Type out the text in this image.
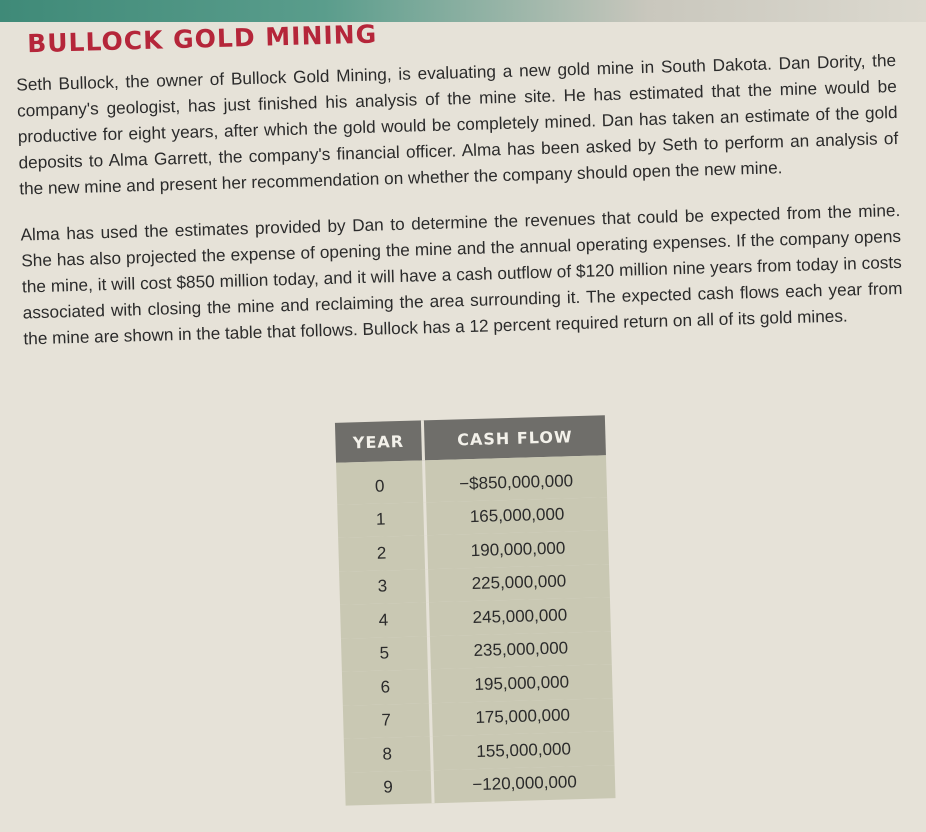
BULLOCK GOLD MINING

Seth Bullock, the owner of Bullock Gold Mining, is evaluating a new gold mine in South Dakota. Dan Dority, the company's geologist, has just finished his analysis of the mine site. He has estimated that the mine would be productive for eight years, after which the gold would be completely mined. Dan has taken an estimate of the gold deposits to Alma Garrett, the company's financial officer. Alma has been asked by Seth to perform an analysis of the new mine and present her recommendation on whether the company should open the new mine.

Alma has used the estimates provided by Dan to determine the revenues that could be expected from the mine. She has also projected the expense of opening the mine and the annual operating expenses. If the company opens the mine, it will cost $850 million today, and it will have a cash outflow of $120 million nine years from today in costs associated with closing the mine and reclaiming the area surrounding it. The expected cash flows each year from the mine are shown in the table that follows. Bullock has a 12 percent required return on all of its gold mines.

YEAR	CASH FLOW
0	−$850,000,000
1	165,000,000
2	190,000,000
3	225,000,000
4	245,000,000
5	235,000,000
6	195,000,000
7	175,000,000
8	155,000,000
9	−120,000,000
